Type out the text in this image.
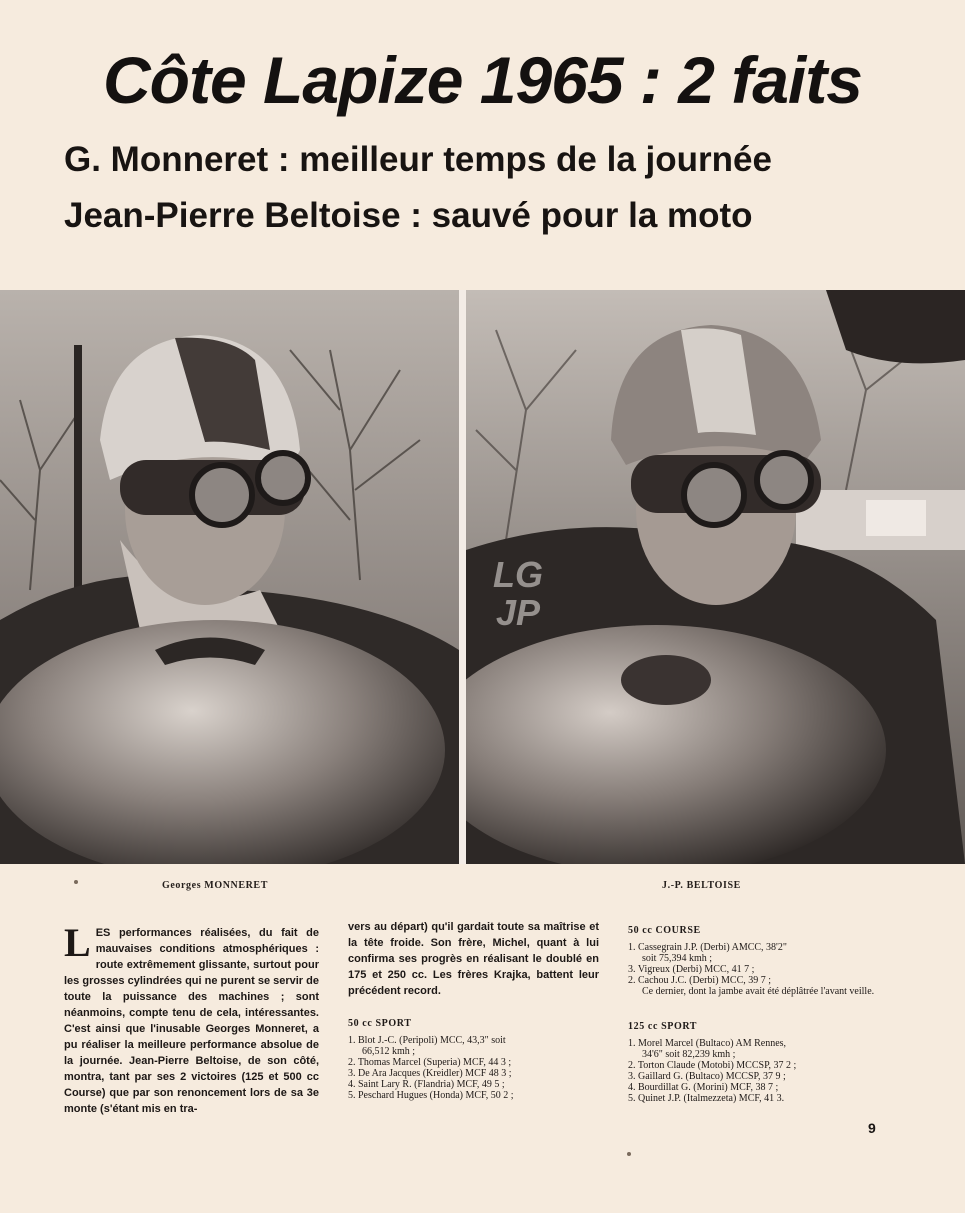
Côte Lapize 1965 : 2 faits
G. Monneret : meilleur temps de la journée
Jean-Pierre Beltoise : sauvé pour la moto
LG
JP
Georges MONNERET	J.-P. BELTOISE
LES performances réalisées, du fait de mauvaises conditions atmosphériques : route extrêmement glissante, surtout pour les grosses cylindrées qui ne purent se servir de toute la puissance des machines ; sont néanmoins, compte tenu de cela, intéressantes. C'est ainsi que l'inusable Georges Monneret, a pu réaliser la meilleure performance absolue de la journée. Jean-Pierre Beltoise, de son côté, montra, tant par ses 2 victoires (125 et 500 cc Course) que par son renoncement lors de sa 3e monte (s'étant mis en tra-
vers au départ) qu'il gardait toute sa maîtrise et la tête froide. Son frère, Michel, quant à lui confirma ses progrès en réalisant le doublé en 175 et 250 cc. Les frères Krajka, battent leur précédent record.
50 cc SPORT
1. Blot J.-C. (Peripoli) MCC, 43,3" soit
66,512 kmh ;
2. Thomas Marcel (Superia) MCF, 44 3 ;
3. De Ara Jacques (Kreidler) MCF 48 3 ;
4. Saint Lary R. (Flandria) MCF, 49 5 ;
5. Peschard Hugues (Honda) MCF, 50 2 ;
50 cc COURSE
1. Cassegrain J.P. (Derbi) AMCC, 38'2"
soit 75,394 kmh ;
3. Vigreux (Derbi) MCC, 41 7 ;
2. Cachou J.C. (Derbi) MCC, 39 7 ;
Ce dernier, dont la jambe avait été déplâtrée l'avant veille.
125 cc SPORT
1. Morel Marcel (Bultaco) AM Rennes,
34'6" soit 82,239 kmh ;
2. Torton Claude (Motobi) MCCSP, 37 2 ;
3. Gaillard G. (Bultaco) MCCSP, 37 9 ;
4. Bourdillat G. (Morini) MCF, 38 7 ;
5. Quinet J.P. (Italmezzeta) MCF, 41 3.
9
